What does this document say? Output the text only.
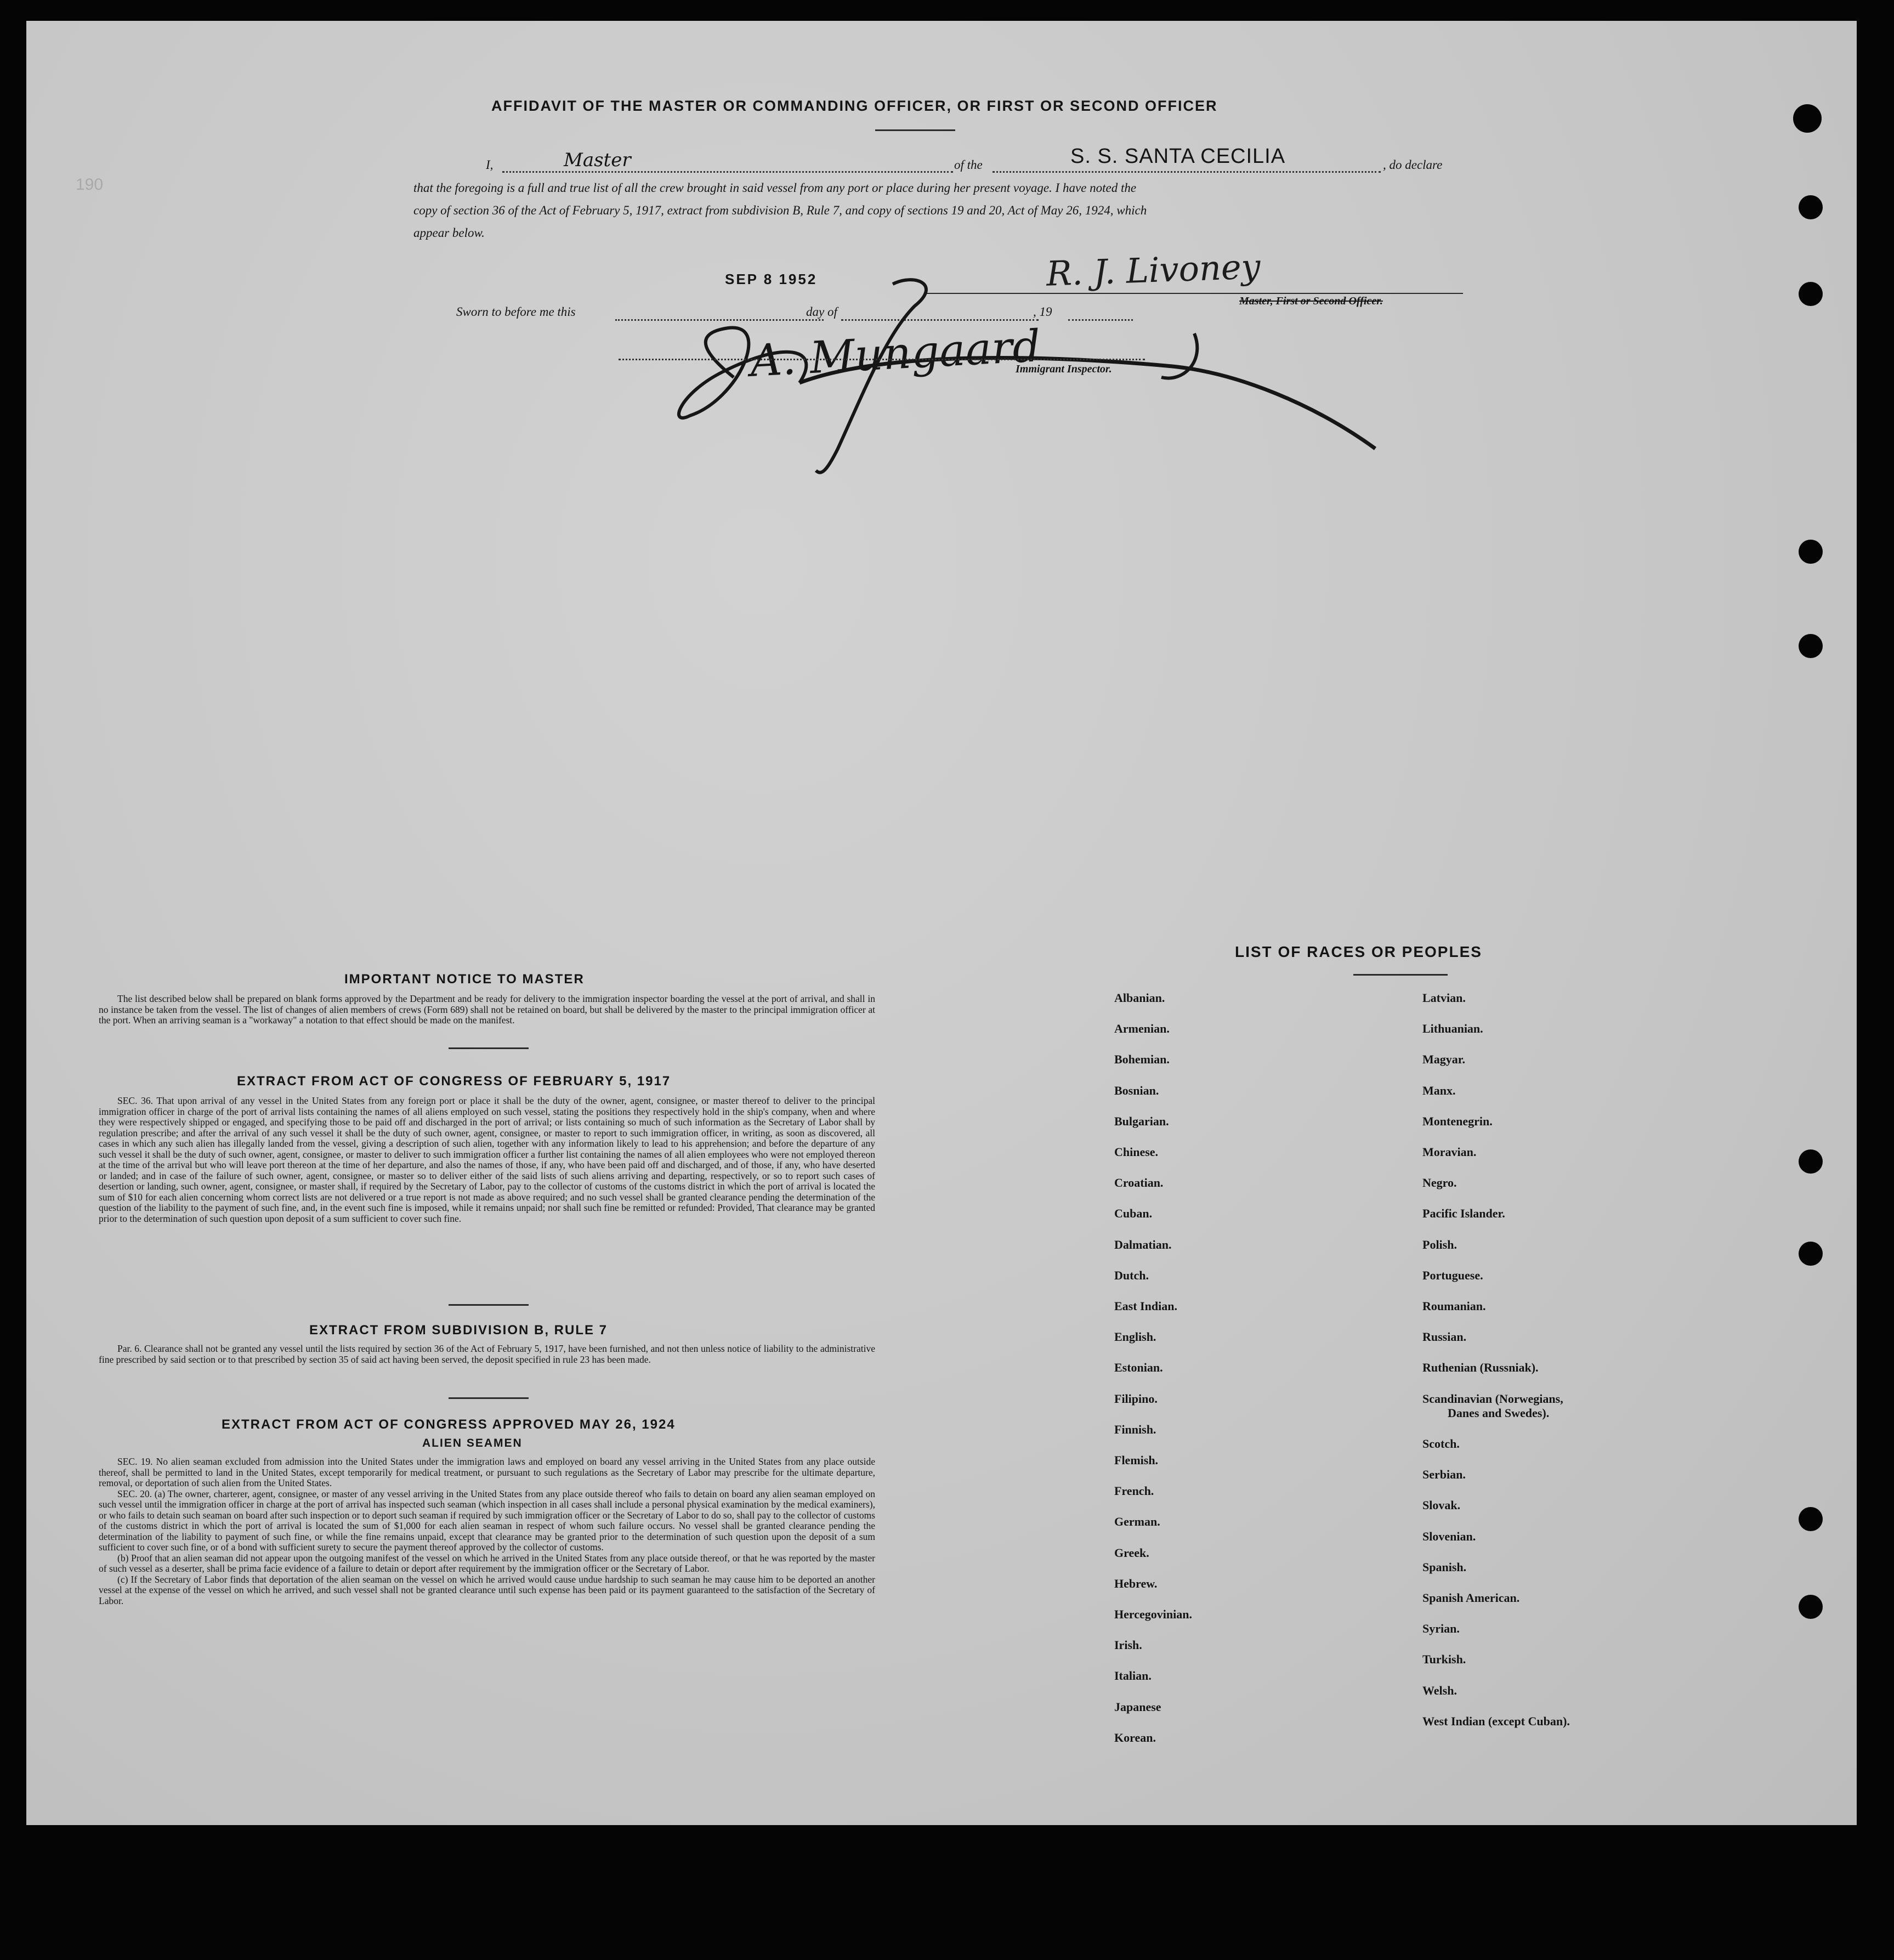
190
AFFIDAVIT OF THE MASTER OR COMMANDING OFFICER, OR FIRST OR SECOND OFFICER
I,	Master	of the	S. S. SANTA CECILIA	, do declare
that the foregoing is a full and true list of all the crew brought in said vessel from any port or place during her present voyage. I have noted the
copy of section 36 of the Act of February 5, 1917, extract from subdivision B, Rule 7, and copy of sections 19 and 20, Act of May 26, 1924, which
appear below.
SEP 8 1952	R. J. Livoney
Master, First or Second Officer.
Sworn to before me this	day of	, 19
A. Mungaard
Immigrant Inspector.
IMPORTANT NOTICE TO MASTER

The list described below shall be prepared on blank forms approved by the Department and be ready for delivery to the immigration inspector boarding the vessel at the port of arrival, and shall in no instance be taken from the vessel. The list of changes of alien members of crews (Form 689) shall not be retained on board, but shall be delivered by the master to the principal immigration officer at the port. When an arriving seaman is a "workaway" a notation to that effect should be made on the manifest.

EXTRACT FROM ACT OF CONGRESS OF FEBRUARY 5, 1917

SEC. 36. That upon arrival of any vessel in the United States from any foreign port or place it shall be the duty of the owner, agent, consignee, or master thereof to deliver to the principal immigration officer in charge of the port of arrival lists containing the names of all aliens employed on such vessel, stating the positions they respectively hold in the ship's company, when and where they were respectively shipped or engaged, and specifying those to be paid off and discharged in the port of arrival; or lists containing so much of such information as the Secretary of Labor shall by regulation prescribe; and after the arrival of any such vessel it shall be the duty of such owner, agent, consignee, or master to report to such immigration officer, in writing, as soon as discovered, all cases in which any such alien has illegally landed from the vessel, giving a description of such alien, together with any information likely to lead to his apprehension; and before the departure of any such vessel it shall be the duty of such owner, agent, consignee, or master to deliver to such immigration officer a further list containing the names of all alien employees who were not employed thereon at the time of the arrival but who will leave port thereon at the time of her departure, and also the names of those, if any, who have been paid off and discharged, and of those, if any, who have deserted or landed; and in case of the failure of such owner, agent, consignee, or master so to deliver either of the said lists of such aliens arriving and departing, respectively, or so to report such cases of desertion or landing, such owner, agent, consignee, or master shall, if required by the Secretary of Labor, pay to the collector of customs of the customs district in which the port of arrival is located the sum of $10 for each alien concerning whom correct lists are not delivered or a true report is not made as above required; and no such vessel shall be granted clearance pending the determination of the question of the liability to the payment of such fine, and, in the event such fine is imposed, while it remains unpaid; nor shall such fine be remitted or refunded: Provided, That clearance may be granted prior to the determination of such question upon deposit of a sum sufficient to cover such fine.

EXTRACT FROM SUBDIVISION B, RULE 7

Par. 6. Clearance shall not be granted any vessel until the lists required by section 36 of the Act of February 5, 1917, have been furnished, and not then unless notice of liability to the administrative fine prescribed by said section or to that prescribed by section 35 of said act having been served, the deposit specified in rule 23 has been made.

EXTRACT FROM ACT OF CONGRESS APPROVED MAY 26, 1924
ALIEN SEAMEN

SEC. 19. No alien seaman excluded from admission into the United States under the immigration laws and employed on board any vessel arriving in the United States from any place outside thereof, shall be permitted to land in the United States, except temporarily for medical treatment, or pursuant to such regulations as the Secretary of Labor may prescribe for the ultimate departure, removal, or deportation of such alien from the United States.

SEC. 20. (a) The owner, charterer, agent, consignee, or master of any vessel arriving in the United States from any place outside thereof who fails to detain on board any alien seaman employed on such vessel until the immigration officer in charge at the port of arrival has inspected such seaman (which inspection in all cases shall include a personal physical examination by the medical examiners), or who fails to detain such seaman on board after such inspection or to deport such seaman if required by such immigration officer or the Secretary of Labor to do so, shall pay to the collector of customs of the customs district in which the port of arrival is located the sum of $1,000 for each alien seaman in respect of whom such failure occurs. No vessel shall be granted clearance pending the determination of the liability to payment of such fine, or while the fine remains unpaid, except that clearance may be granted prior to the determination of such question upon the deposit of a sum sufficient to cover such fine, or of a bond with sufficient surety to secure the payment thereof approved by the collector of customs.

(b) Proof that an alien seaman did not appear upon the outgoing manifest of the vessel on which he arrived in the United States from any place outside thereof, or that he was reported by the master of such vessel as a deserter, shall be prima facie evidence of a failure to detain or deport after requirement by the immigration officer or the Secretary of Labor.

(c) If the Secretary of Labor finds that deportation of the alien seaman on the vessel on which he arrived would cause undue hardship to such seaman he may cause him to be deported an another vessel at the expense of the vessel on which he arrived, and such vessel shall not be granted clearance until such expense has been paid or its payment guaranteed to the satisfaction of the Secretary of Labor.

LIST OF RACES OR PEOPLES
Albanian.
Armenian.
Bohemian.
Bosnian.
Bulgarian.
Chinese.
Croatian.
Cuban.
Dalmatian.
Dutch.
East Indian.
English.
Estonian.
Filipino.
Finnish.
Flemish.
French.
German.
Greek.
Hebrew.
Hercegovinian.
Irish.
Italian.
Japanese
Korean.
Latvian.
Lithuanian.
Magyar.
Manx.
Montenegrin.
Moravian.
Negro.
Pacific Islander.
Polish.
Portuguese.
Roumanian.
Russian.
Ruthenian (Russniak).
Scandinavian (Norwegians,
Danes and Swedes).
Scotch.
Serbian.
Slovak.
Slovenian.
Spanish.
Spanish American.
Syrian.
Turkish.
Welsh.
West Indian (except Cuban).
